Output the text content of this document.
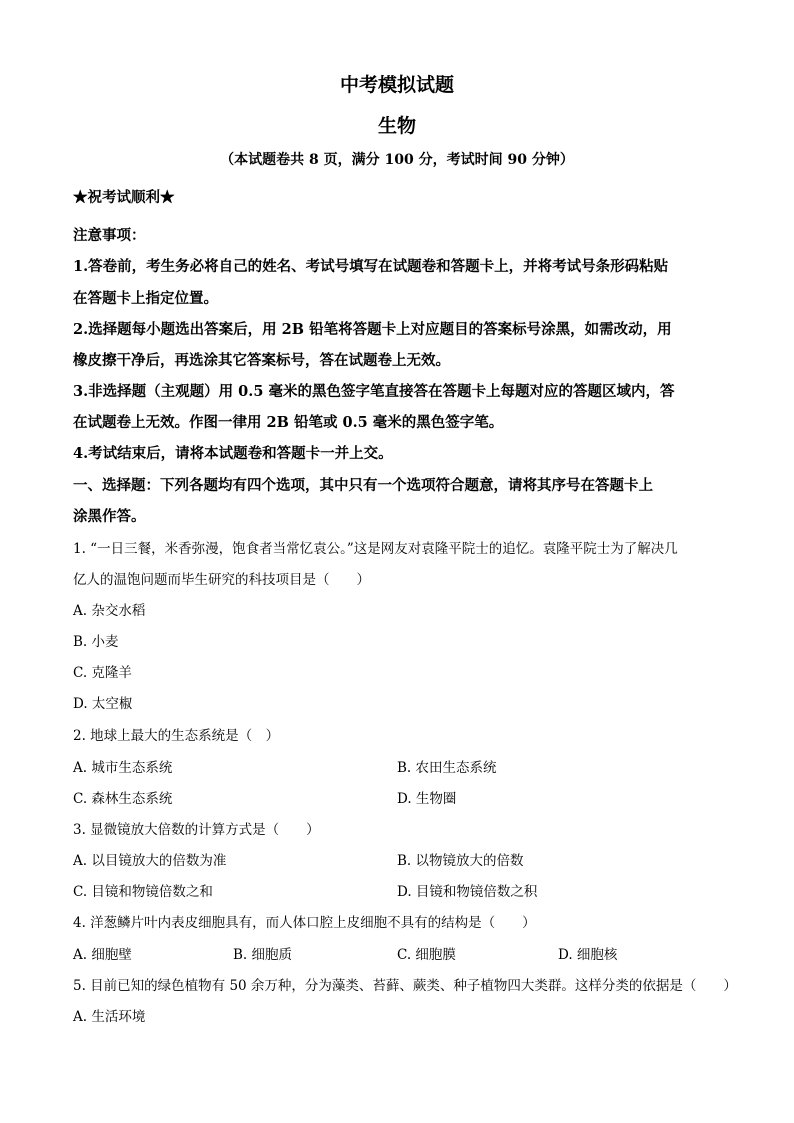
中考模拟试题
生物
（本试题卷共 8 页，满分 100 分，考试时间 90 分钟）
★祝考试顺利★
注意事项：
1.答卷前，考生务必将自己的姓名、考试号填写在试题卷和答题卡上，并将考试号条形码粘贴
在答题卡上指定位置。
2.选择题每小题选出答案后，用 2B 铅笔将答题卡上对应题目的答案标号涂黑，如需改动，用
橡皮擦干净后，再选涂其它答案标号，答在试题卷上无效。
3.非选择题（主观题）用 0.5 毫米的黑色签字笔直接答在答题卡上每题对应的答题区域内，答
在试题卷上无效。作图一律用 2B 铅笔或 0.5 毫米的黑色签字笔。
4.考试结束后，请将本试题卷和答题卡一并上交。
一、选择题：下列各题均有四个选项，其中只有一个选项符合题意，请将其序号在答题卡上
涂黑作答。
1. “一日三餐，米香弥漫，饱食者当常忆袁公。”这是网友对袁隆平院士的追忆。袁隆平院士为了解决几
亿人的温饱问题而毕生研究的科技项目是（　　）
A. 杂交水稻
B. 小麦
C. 克隆羊
D. 太空椒
2. 地球上最大的生态系统是（　）
A. 城市生态系统	B. 农田生态系统
C. 森林生态系统	D. 生物圈
3. 显微镜放大倍数的计算方式是（　　）
A. 以目镜放大的倍数为准	B. 以物镜放大的倍数
C. 目镜和物镜倍数之和	D. 目镜和物镜倍数之积
4. 洋葱鳞片叶内表皮细胞具有，而人体口腔上皮细胞不具有的结构是（　　）
A. 细胞壁	B. 细胞质	C. 细胞膜	D. 细胞核
5. 目前已知的绿色植物有 50 余万种，分为藻类、苔藓、蕨类、种子植物四大类群。这样分类的依据是（　　）
A. 生活环境
